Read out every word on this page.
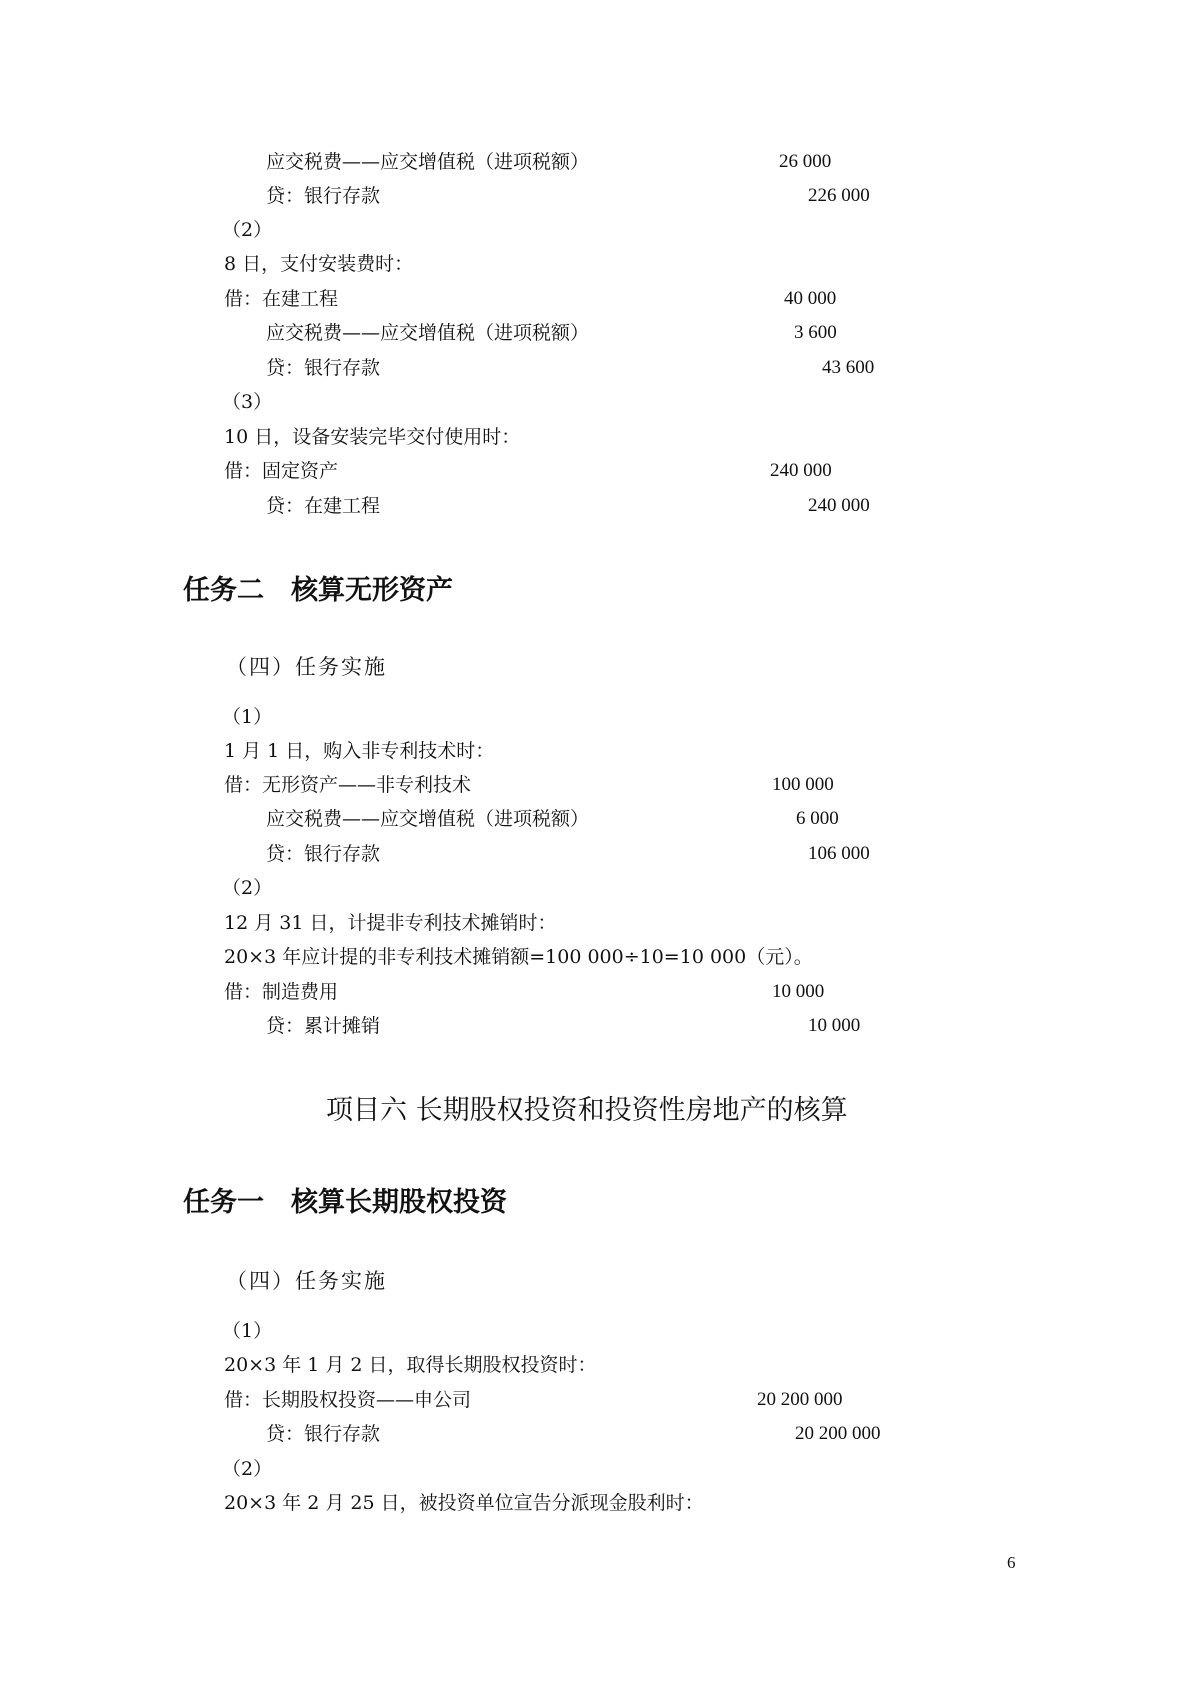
应交税费——应交增值税（进项税额）	26 000
贷：银行存款	226 000
（2）
8 日，支付安装费时：
借：在建工程	40 000
应交税费——应交增值税（进项税额）	3 600
贷：银行存款	43 600
（3）
10 日，设备安装完毕交付使用时：
借：固定资产	240 000
贷：在建工程	240 000
任务二　核算无形资产
（四）任务实施
（1）
1 月 1 日，购入非专利技术时：
借：无形资产——非专利技术	100 000
应交税费——应交增值税（进项税额）	6 000
贷：银行存款	106 000
（2）
12 月 31 日，计提非专利技术摊销时：
20×3 年应计提的非专利技术摊销额=100 000÷10=10 000（元）。
借：制造费用	10 000
贷：累计摊销	10 000
项目六 长期股权投资和投资性房地产的核算
任务一　核算长期股权投资
（四）任务实施
（1）
20×3 年 1 月 2 日，取得长期股权投资时：
借：长期股权投资——申公司	20 200 000
贷：银行存款	20 200 000
（2）
20×3 年 2 月 25 日，被投资单位宣告分派现金股利时：
6
